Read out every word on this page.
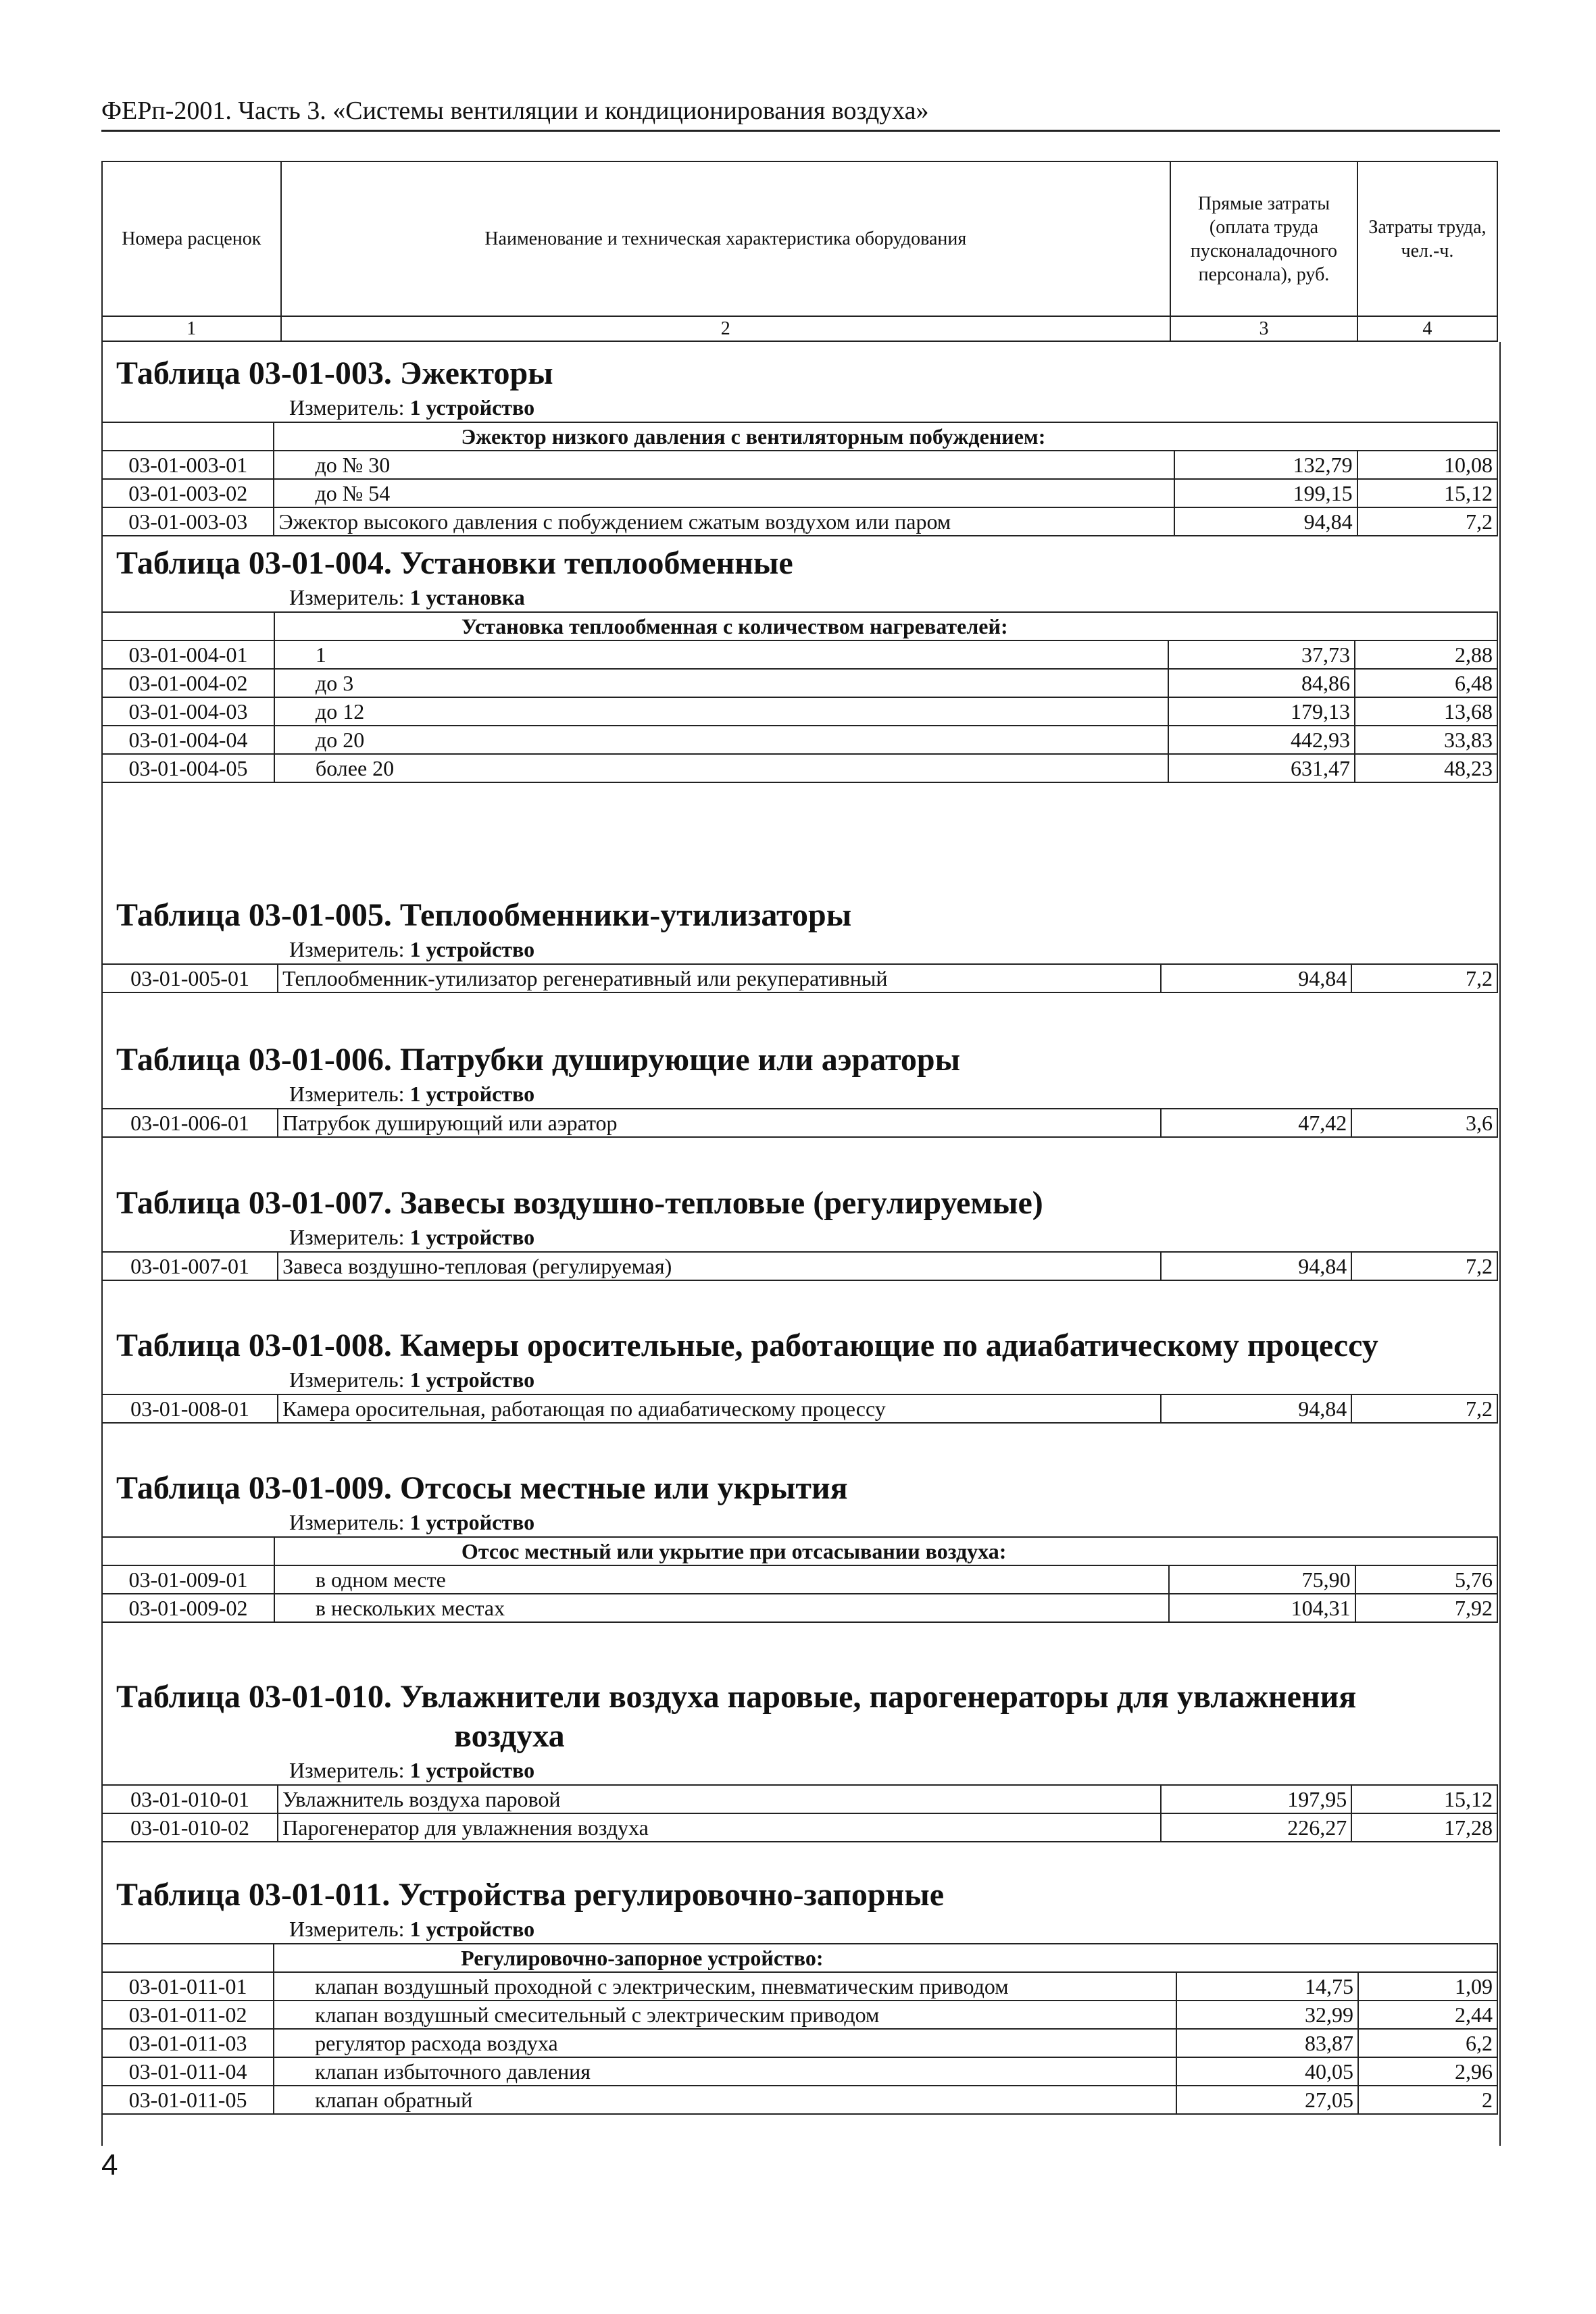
ФЕРп-2001. Часть 3. «Системы вентиляции и кондиционирования воздуха»
Номера расценок	Наименование и техническая характеристика оборудования	Прямые затраты (оплата труда пусконаладочного персонала), руб.	Затраты труда, чел.-ч.
1	2	3	4
Таблица 03-01-003. Эжекторы
Измеритель: 1 устройство
	Эжектор низкого давления с вентиляторным побуждением:		
03-01-003-01	до № 30	132,79	10,08
03-01-003-02	до № 54	199,15	15,12
03-01-003-03	Эжектор высокого давления с побуждением сжатым воздухом или паром	94,84	7,2
Таблица 03-01-004. Установки теплообменные
Измеритель: 1 установка
	Установка теплообменная с количеством нагревателей:		
03-01-004-01	1	37,73	2,88
03-01-004-02	до 3	84,86	6,48
03-01-004-03	до 12	179,13	13,68
03-01-004-04	до 20	442,93	33,83
03-01-004-05	более 20	631,47	48,23
Таблица 03-01-005. Теплообменники-утилизаторы
Измеритель: 1 устройство
03-01-005-01	Теплообменник-утилизатор регенеративный или рекуперативный	94,84	7,2
Таблица 03-01-006. Патрубки душирующие или аэраторы
Измеритель: 1 устройство
03-01-006-01	Патрубок душирующий или аэратор	47,42	3,6
Таблица 03-01-007. Завесы воздушно-тепловые (регулируемые)
Измеритель: 1 устройство
03-01-007-01	Завеса воздушно-тепловая (регулируемая)	94,84	7,2
Таблица 03-01-008. Камеры оросительные, работающие по адиабатическому процессу
Измеритель: 1 устройство
03-01-008-01	Камера оросительная, работающая по адиабатическому процессу	94,84	7,2
Таблица 03-01-009. Отсосы местные или укрытия
Измеритель: 1 устройство
	Отсос местный или укрытие при отсасывании воздуха:		
03-01-009-01	в одном месте	75,90	5,76
03-01-009-02	в нескольких местах	104,31	7,92
Таблица 03-01-010. Увлажнители воздуха паровые, парогенераторы для увлажнения
воздуха
Измеритель: 1 устройство
03-01-010-01	Увлажнитель воздуха паровой	197,95	15,12
03-01-010-02	Парогенератор для увлажнения воздуха	226,27	17,28
Таблица 03-01-011. Устройства регулировочно-запорные
Измеритель: 1 устройство
	Регулировочно-запорное устройство:		
03-01-011-01	клапан воздушный проходной с электрическим, пневматическим приводом	14,75	1,09
03-01-011-02	клапан воздушный смесительный с электрическим приводом	32,99	2,44
03-01-011-03	регулятор расхода воздуха	83,87	6,2
03-01-011-04	клапан избыточного давления	40,05	2,96
03-01-011-05	клапан обратный	27,05	2
4
